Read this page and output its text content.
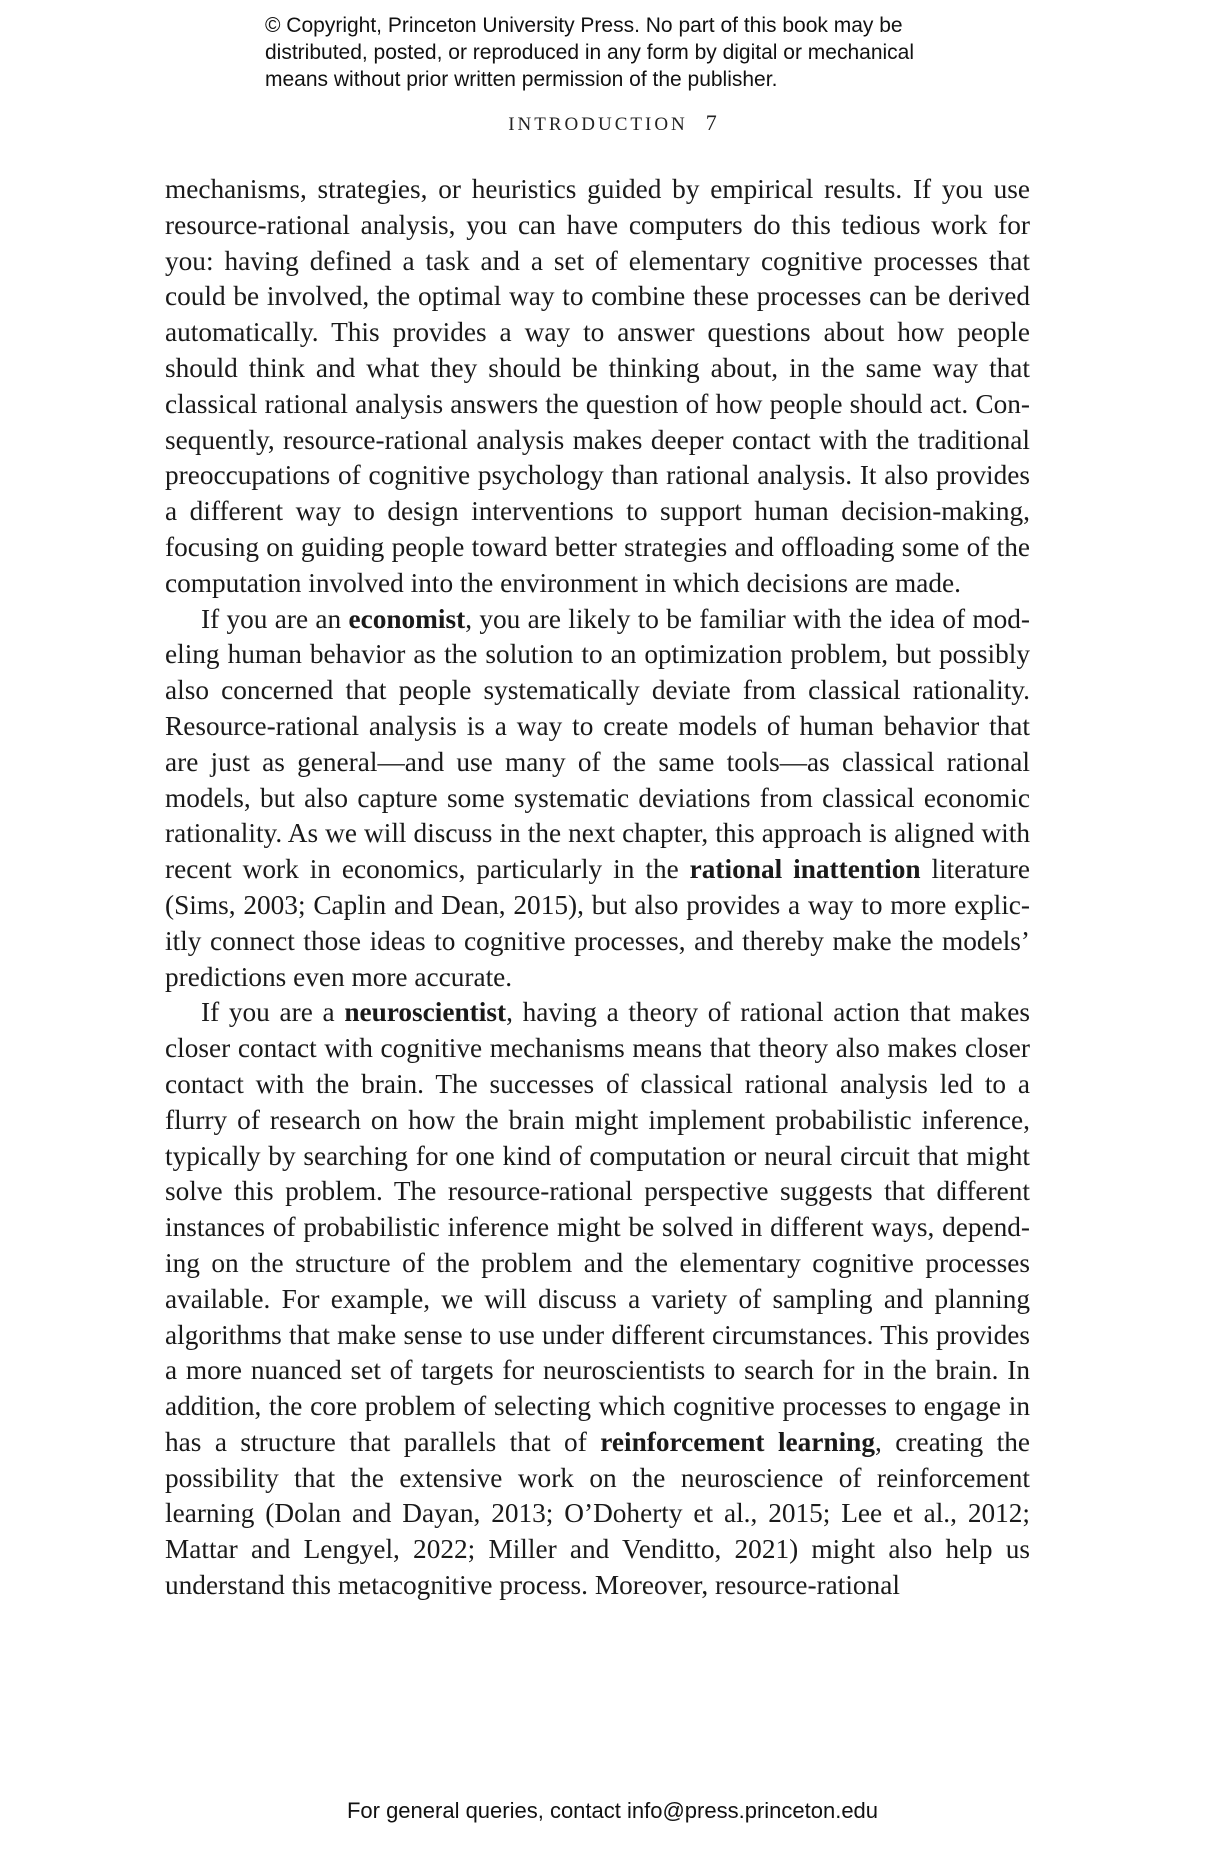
© Copyright, Princeton University Press. No part of this book may be
distributed, posted, or reproduced in any form by digital or mechanical
means without prior written permission of the publisher.
INTRODUCTION 7

mechanisms, strategies, or heuristics guided by empirical results. If you use resource-rational analysis, you can have computers do this tedious work for you: having defined a task and a set of elementary cognitive processes that could be involved, the optimal way to combine these processes can be derived automatically. This provides a way to answer questions about how people should think and what they should be thinking about, in the same way that classical rational analysis answers the question of how people should act. Consequently, resource-rational analysis makes deeper contact with the traditional preoccupations of cognitive psychology than rational analysis. It also provides a different way to design interventions to support human decision-making, focusing on guiding people toward better strategies and offloading some of the computation involved into the environment in which decisions are made.

If you are an economist, you are likely to be familiar with the idea of modeling human behavior as the solution to an optimization problem, but possibly also concerned that people systematically deviate from classical rationality. Resource-rational analysis is a way to create models of human behavior that are just as general—and use many of the same tools—as classical rational models, but also capture some systematic deviations from classical economic rationality. As we will discuss in the next chapter, this approach is aligned with recent work in economics, particularly in the rational inattention literature (Sims, 2003; Caplin and Dean, 2015), but also provides a way to more explicitly connect those ideas to cognitive processes, and thereby make the models’ predictions even more accurate.

If you are a neuroscientist, having a theory of rational action that makes closer contact with cognitive mechanisms means that theory also makes closer contact with the brain. The successes of classical rational analysis led to a flurry of research on how the brain might implement probabilistic inference, typically by searching for one kind of computation or neural circuit that might solve this problem. The resource-rational perspective suggests that different instances of probabilistic inference might be solved in different ways, depending on the structure of the problem and the elementary cognitive processes available. For example, we will discuss a variety of sampling and planning algorithms that make sense to use under different circumstances. This provides a more nuanced set of targets for neuroscientists to search for in the brain. In addition, the core problem of selecting which cognitive processes to engage in has a structure that parallels that of reinforcement learning, creating the possibility that the extensive work on the neuroscience of reinforcement learning (Dolan and Dayan, 2013; O’Doherty et al., 2015; Lee et al., 2012; Mattar and Lengyel, 2022; Miller and Venditto, 2021) might also help us understand this metacognitive process. Moreover, resource-rational

For general queries, contact info@press.princeton.edu
